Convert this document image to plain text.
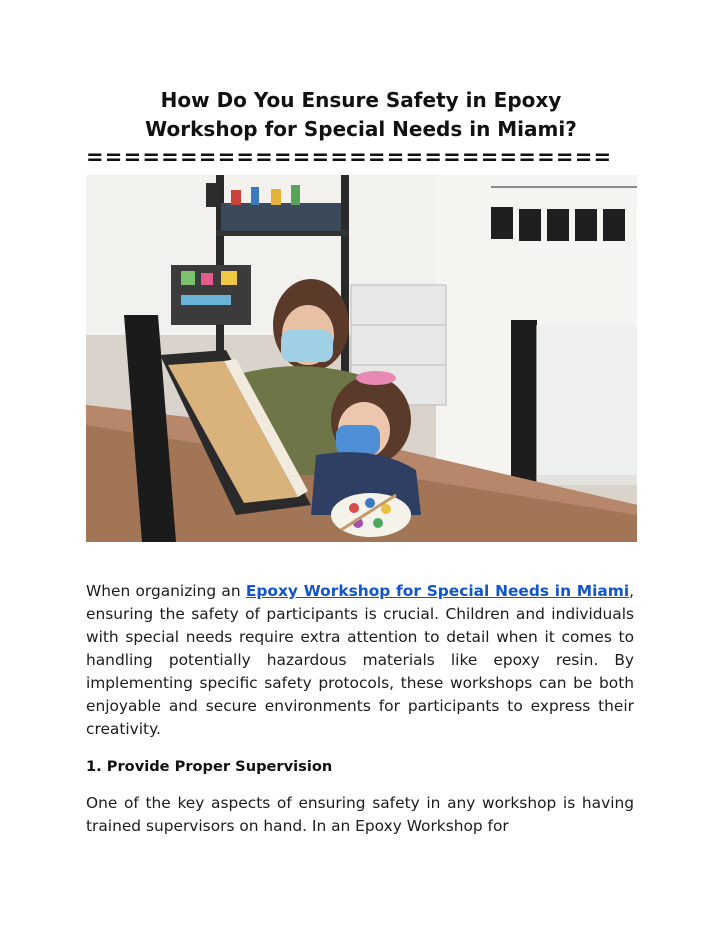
How Do You Ensure Safety in Epoxy
Workshop for Special Needs in Miami?
============================

When organizing an Epoxy Workshop for Special Needs in Miami, ensuring the safety of participants is crucial. Children and individuals with special needs require extra attention to detail when it comes to handling potentially hazardous materials like epoxy resin. By implementing specific safety protocols, these workshops can be both enjoyable and secure environments for participants to express their creativity.

1. Provide Proper Supervision

One of the key aspects of ensuring safety in any workshop is having trained supervisors on hand. In an Epoxy Workshop for
